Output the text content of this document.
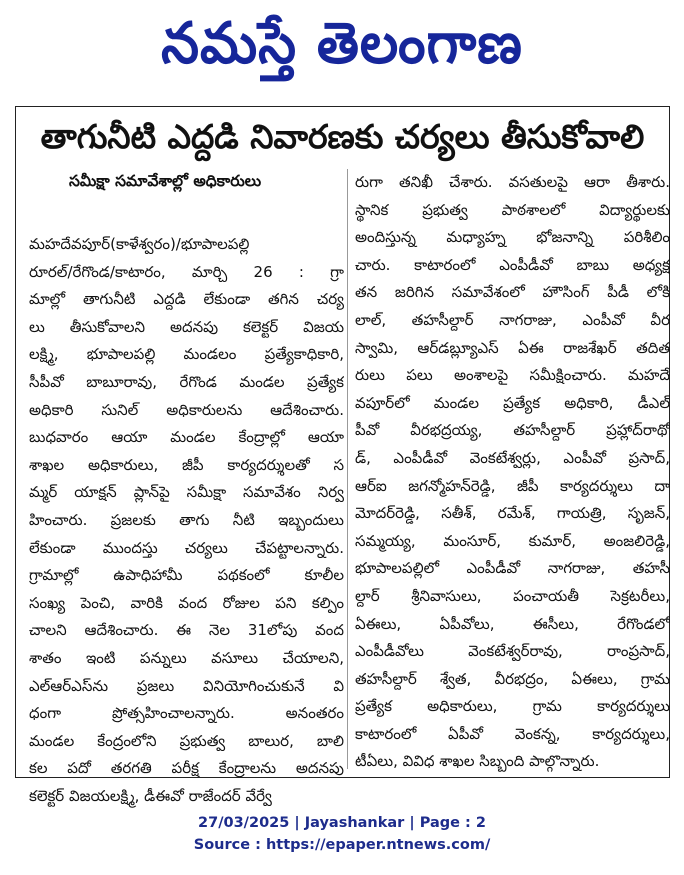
నమస్తే తెలంగాణ
తాగునీటి ఎద్దడి నివారణకు చర్యలు తీసుకోవాలి
సమీక్షా సమావేశాల్లో అధికారులు
మహదేవపూర్(కాళేశ్వరం)/భూపాలపల్లి
రూరల్/రేగొండ/కాటారం, మార్చి 26 : గ్రా
మాల్లో తాగునీటి ఎద్దడి లేకుండా తగిన చర్య
లు తీసుకోవాలని అదనపు కలెక్టర్ విజయ
లక్ష్మి, భూపాలపల్లి మండలం ప్రత్యేకాధికారి,
సీపీవో బాబూరావు, రేగొండ మండల ప్రత్యేక
అధికారి సునిల్ అధికారులను ఆదేశించారు.
బుధవారం ఆయా మండల కేంద్రాల్లో ఆయా
శాఖల అధికారులు, జీపీ కార్యదర్శులతో స
మ్మర్ యాక్షన్ ప్లాన్‌పై సమీక్షా సమావేశం నిర్వ
హించారు. ప్రజలకు తాగు నీటి ఇబ్బందులు
లేకుండా ముందస్తు చర్యలు చేపట్టాలన్నారు.
గ్రామాల్లో ఉపాధిహామీ పథకంలో కూలీల
సంఖ్య పెంచి, వారికి వంద రోజుల పని కల్పిం
చాలని ఆదేశించారు. ఈ నెల 31లోపు వంద
శాతం ఇంటి పన్నులు వసూలు చేయాలని,
ఎల్ఆర్ఎస్‌ను ప్రజలు వినియోగించుకునే వి
ధంగా ప్రోత్సహించాలన్నారు. అనంతరం
మండల కేంద్రంలోని ప్రభుత్వ బాలుర, బాలి
కల పదో తరగతి పరీక్ష కేంద్రాలను అదనపు
కలెక్టర్ విజయలక్ష్మి, డీఈవో రాజేందర్ వేర్వే
రుగా తనిఖీ చేశారు. వసతులపై ఆరా తీశారు.
స్థానిక ప్రభుత్వ పాఠశాలలో విద్యార్థులకు
అందిస్తున్న మధ్యాహ్న భోజనాన్ని పరిశీలిం
చారు. కాటారంలో ఎంపీడీవో బాబు అధ్యక్ష
తన జరిగిన సమావేశంలో హౌసింగ్ పీడీ లోకి
లాల్, తహసీల్దార్ నాగరాజు, ఎంపీవో వీర
స్వామి, ఆర్‌డబ్ల్యూఎస్ ఏఈ రాజశేఖర్ తదిత
రులు పలు అంశాలపై సమీక్షించారు. మహదే
వపూర్‌లో మండల ప్రత్యేక అధికారి, డీఎల్
పీవో వీరభద్రయ్య, తహసీల్దార్ ప్రహ్లాద్‌రాథో
డ్, ఎంపీడీవో వెంకటేశ్వర్లు, ఎంపీవో ప్రసాద్,
ఆర్ఐ జగన్మోహన్‌రెడ్డి, జీపీ కార్యదర్శులు దా
మోదర్‌రెడ్డి, సతీశ్, రమేశ్, గాయత్రి, సృజన్,
సమ్మయ్య, మంసూర్, కుమార్, అంజలిరెడ్డి,
భూపాలపల్లిలో ఎంపీడీవో నాగరాజు, తహసీ
ల్దార్ శ్రీనివాసులు, పంచాయతీ సెక్రటరీలు,
ఏఈలు, ఏపీవోలు, ఈసీలు, రేగొండలో
ఎంపీడీవోలు వెంకటేశ్వర్‌రావు, రాంప్రసాద్,
తహసీల్దార్ శ్వేత, వీరభద్రం, ఏఈలు, గ్రామ
ప్రత్యేక అధికారులు, గ్రామ కార్యదర్శులు
కాటారంలో ఏపీవో వెంకన్న, కార్యదర్శులు,
టీఏలు, వివిధ శాఖల సిబ్బంది పాల్గొన్నారు.
27/03/2025 | Jayashankar | Page : 2
Source : https://epaper.ntnews.com/
